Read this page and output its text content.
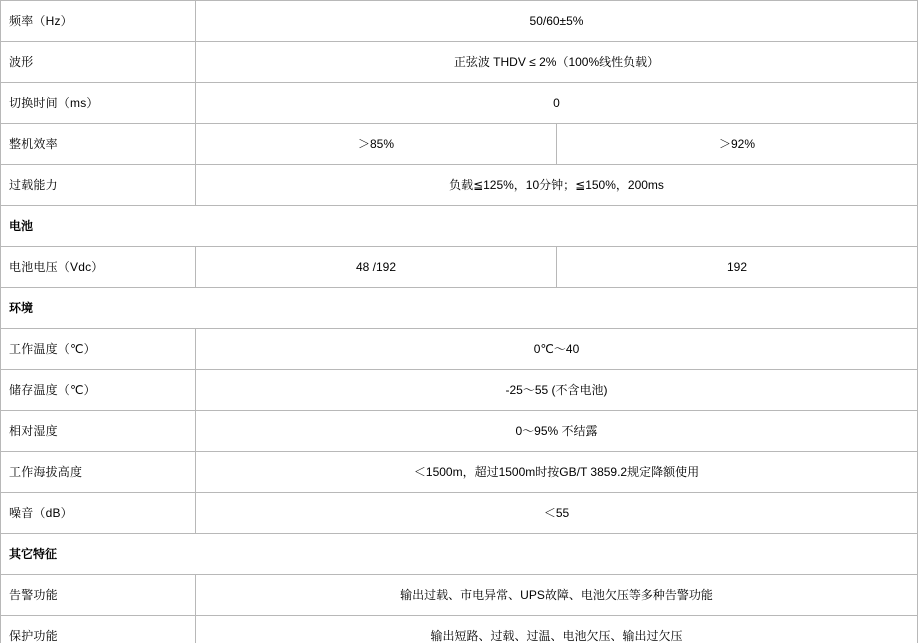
频率（Hz）	50/60±5%	
波形	正弦波 THDV ≤ 2%（100%线性负载）	
切换时间（ms）	0	
整机效率	＞85%	＞92%
过载能力	负载≦125%，10分钟；≦150%，200ms	
电池		
电池电压（Vdc）	48 /192	192
环境		
工作温度（℃）	0℃～40	
储存温度（℃）	-25～55 (不含电池)	
相对湿度	0～95% 不结露	
工作海拔高度	＜1500m，超过1500m时按GB/T 3859.2规定降额使用	
噪音（dB）	＜55	
其它特征		
告警功能	输出过载、市电异常、UPS故障、电池欠压等多种告警功能	
保护功能	输出短路、过载、过温、电池欠压、输出过欠压	
